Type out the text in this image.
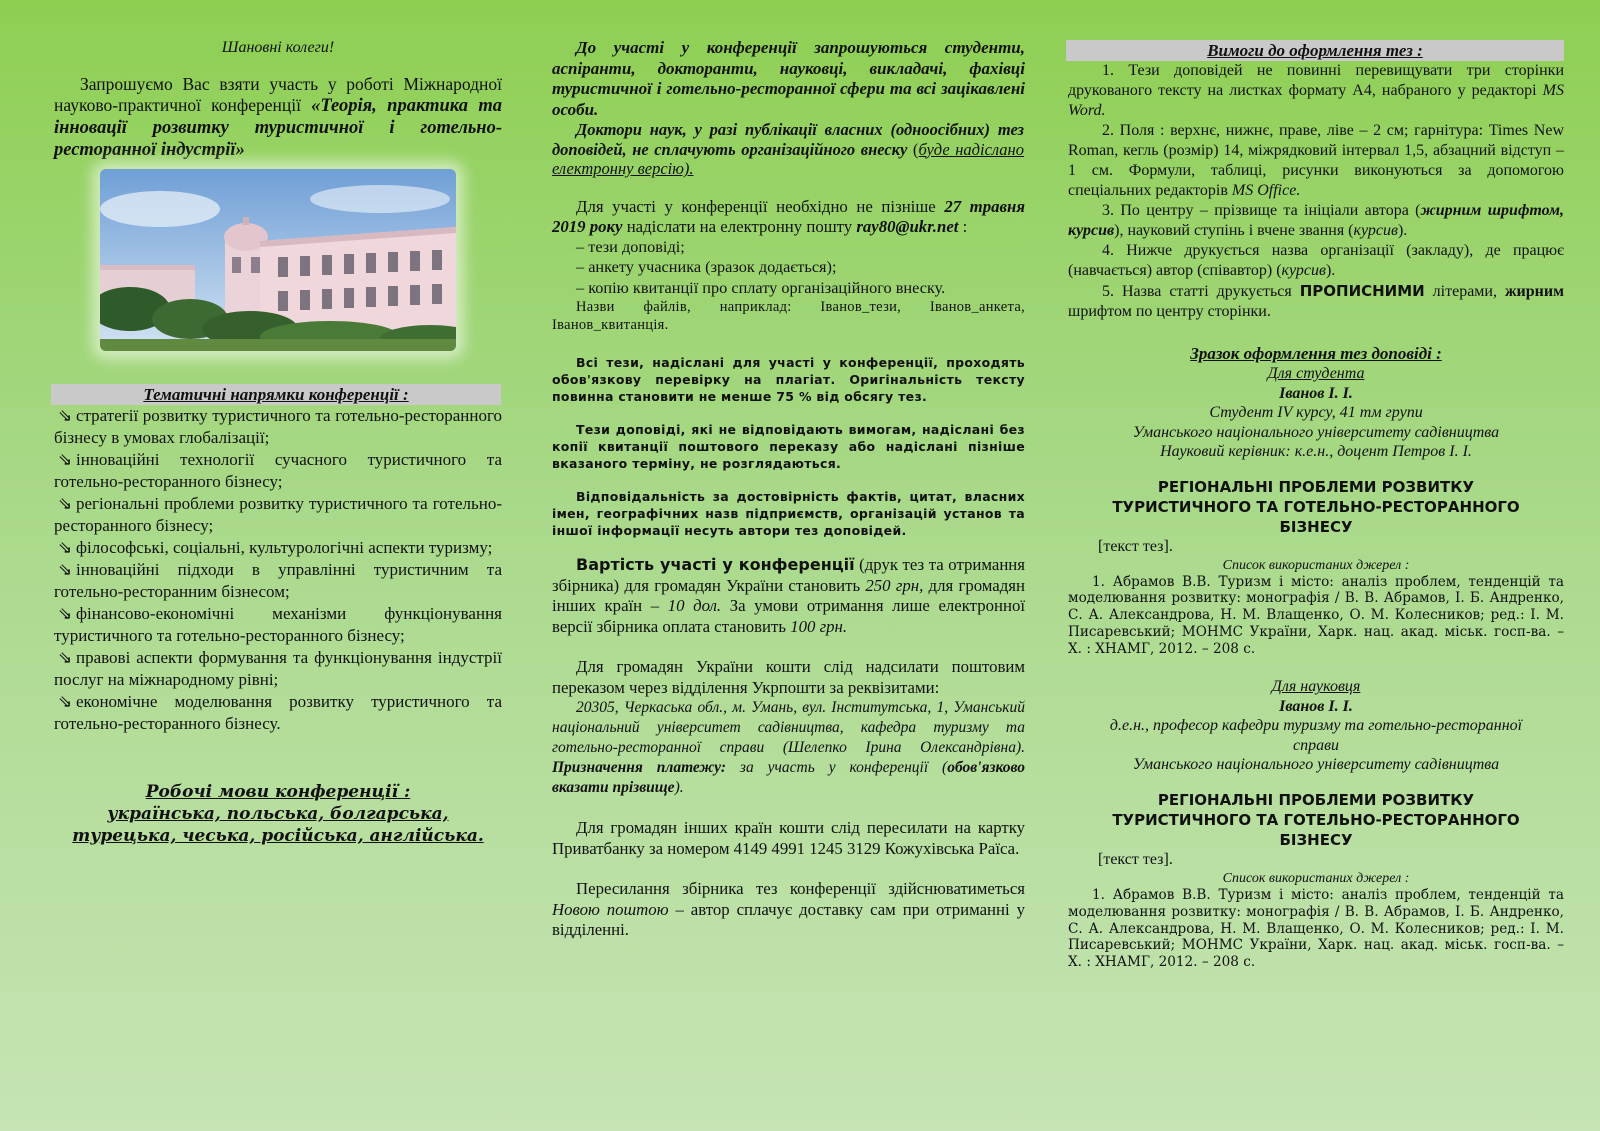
Шановні колеги!

Запрошуємо Вас взяти участь у роботі Міжнародної науково-практичної конференції «Теорія, практика та інновації розвитку туристичної і готельно-ресторанної індустрії»

Тематичні напрямки конференції :

⇘ стратегії розвитку туристичного та готельно-ресторанного бізнесу в умовах глобалізації;
⇘ інноваційні технології сучасного туристичного та готельно-ресторанного бізнесу;
⇘ регіональні проблеми розвитку туристичного та готельно-ресторанного бізнесу;
⇘ філософські, соціальні, культурологічні аспекти туризму;
⇘ інноваційні підходи в управлінні туристичним та готельно-ресторанним бізнесом;
⇘ фінансово-економічні механізми функціонування туристичного та готельно-ресторанного бізнесу;
⇘ правові аспекти формування та функціонування індустрії послуг на міжнародному рівні;
⇘ економічне моделювання розвитку туристичного та готельно-ресторанного бізнесу.

Робочі мови конференції :

українська, польська, болгарська,

турецька, чеська, російська, англійська.

До участі у конференції запрошуються студенти, аспіранти, докторанти, науковці, викладачі, фахівці туристичної і готельно-ресторанної сфери та всі зацікавлені особи.

Доктори наук, у разі публікації власних (одноосібних) тез доповідей, не сплачують організаційного внеску (буде надіслано електронну версію).

Для участі у конференції необхідно не пізніше 27 травня 2019 року надіслати на електронну пошту ray80@ukr.net :

– тези доповіді;

– анкету учасника (зразок додається);

– копію квитанції про сплату організаційного внеску.

Назви файлів, наприклад: Іванов_тези, Іванов_анкета, Іванов_квитанція.

Всі тези, надіслані для участі у конференції, проходять обов'язкову перевірку на плагіат. Оригінальність тексту повинна становити не менше 75 % від обсягу тез.

Тези доповіді, які не відповідають вимогам, надіслані без копії квитанції поштового переказу або надіслані пізніше вказаного терміну, не розглядаються.

Відповідальність за достовірність фактів, цитат, власних імен, географічних назв підприємств, організацій установ та іншої інформації несуть автори тез доповідей.

Вартість участі у конференції (друк тез та отримання збірника) для громадян України становить 250 грн, для громадян інших країн – 10 дол. За умови отримання лише електронної версії збірника оплата становить 100 грн.

Для громадян України кошти слід надсилати поштовим переказом через відділення Укрпошти за реквізитами:

20305, Черкаська обл., м. Умань, вул. Інститутська, 1, Уманський національний університет садівництва, кафедра туризму та готельно-ресторанної справи (Шелепко Ірина Олександрівна). Призначення платежу: за участь у конференції (обов'язково вказати прізвище).

Для громадян інших країн кошти слід пересилати на картку Приватбанку за номером 4149 4991 1245 3129 Кожухівська Раїса.

Пересилання збірника тез конференції здійснюватиметься Новою поштою – автор сплачує доставку сам при отриманні у відділенні.

Вимоги до оформлення тез :

1. Тези доповідей не повинні перевищувати три сторінки друкованого тексту на листках формату А4, набраного у редакторі MS Word.
2. Поля : верхнє, нижнє, праве, ліве – 2 см; гарнітура: Times New Roman, кегль (розмір) 14, міжрядковий інтервал 1,5, абзацний відступ – 1 см. Формули, таблиці, рисунки виконуються за допомогою спеціальних редакторів MS Office.
3. По центру – прізвище та ініціали автора (жирним шрифтом, курсив), науковий ступінь і вчене звання (курсив).
4. Нижче друкується назва організації (закладу), де працює (навчається) автор (співавтор) (курсив).
5. Назва статті друкується ПРОПИСНИМИ літерами, жирним шрифтом по центру сторінки.

Зразок оформлення тез доповіді :

Для студента

Іванов І. І.

Студент IV курсу, 41 тм групи

Уманського національного університету садівництва

Науковий керівник: к.е.н., доцент Петров І. І.

РЕГІОНАЛЬНІ ПРОБЛЕМИ РОЗВИТКУ ТУРИСТИЧНОГО ТА ГОТЕЛЬНО-РЕСТОРАННОГО БІЗНЕСУ

[текст тез].

Список використаних джерел :

1. Абрамов В.В. Туризм і місто: аналіз проблем, тенденцій та моделювання розвитку: монографія / В. В. Абрамов, І. Б. Андренко, С. А. Александрова, Н. М. Влащенко, О. М. Колесников; ред.: І. М. Писаревський; МОНМС України, Харк. нац. акад. міськ. госп-ва. – Х. : ХНАМГ, 2012. – 208 с.

Для науковця

Іванов І. І.

д.е.н., професор кафедри туризму та готельно-ресторанної справи

Уманського національного університету садівництва

РЕГІОНАЛЬНІ ПРОБЛЕМИ РОЗВИТКУ ТУРИСТИЧНОГО ТА ГОТЕЛЬНО-РЕСТОРАННОГО БІЗНЕСУ

[текст тез].

Список використаних джерел :

1. Абрамов В.В. Туризм і місто: аналіз проблем, тенденцій та моделювання розвитку: монографія / В. В. Абрамов, І. Б. Андренко, С. А. Александрова, Н. М. Влащенко, О. М. Колесников; ред.: І. М. Писаревський; МОНМС України, Харк. нац. акад. міськ. госп-ва. – Х. : ХНАМГ, 2012. – 208 с.
